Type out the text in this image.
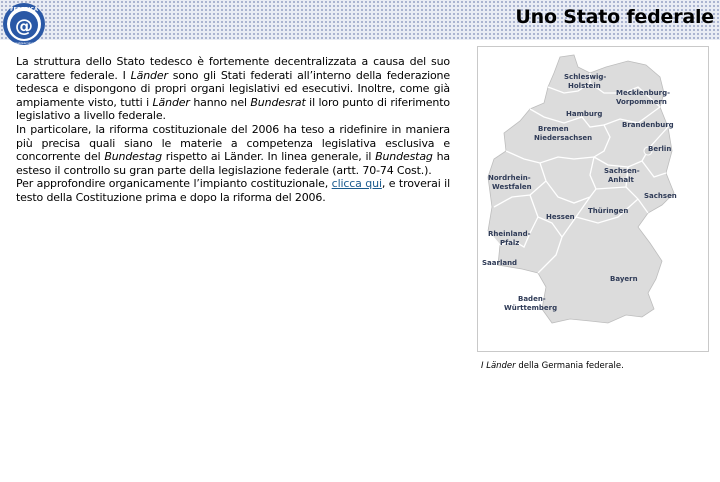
@
FEDERICA
weblearning
Uno Stato federale

La struttura dello Stato tedesco è fortemente decentralizzata a causa del suo carattere federale. I Länder sono gli Stati federati all’interno della federazione tedesca e dispongono di propri organi legislativi ed esecutivi. Inoltre, come già ampiamente visto, tutti i Länder hanno nel Bundesrat il loro punto di riferimento legislativo a livello federale.

In particolare, la riforma costituzionale del 2006 ha teso a ridefinire in maniera più precisa quali siano le materie a competenza legislativa esclusiva e concorrente del Bundestag rispetto ai Länder. In linea generale, il Bundestag ha esteso il controllo su gran parte della legislazione federale (artt. 70-74 Cost.).

Per approfondire organicamente l’impianto costituzionale, clicca qui, e troverai il testo della Costituzione prima e dopo la riforma del 2006.

Schleswig-
Holstein
Mecklenburg-
Vorpommern
Hamburg
Bremen
Niedersachsen
Brandenburg
Berlin
Sachsen-
Anhalt
Nordrhein-
Westfalen
Sachsen
Hessen
Thüringen
Rheinland-
Pfalz
Saarland
Bayern
Baden-
Württemberg
I Länder della Germania federale.
